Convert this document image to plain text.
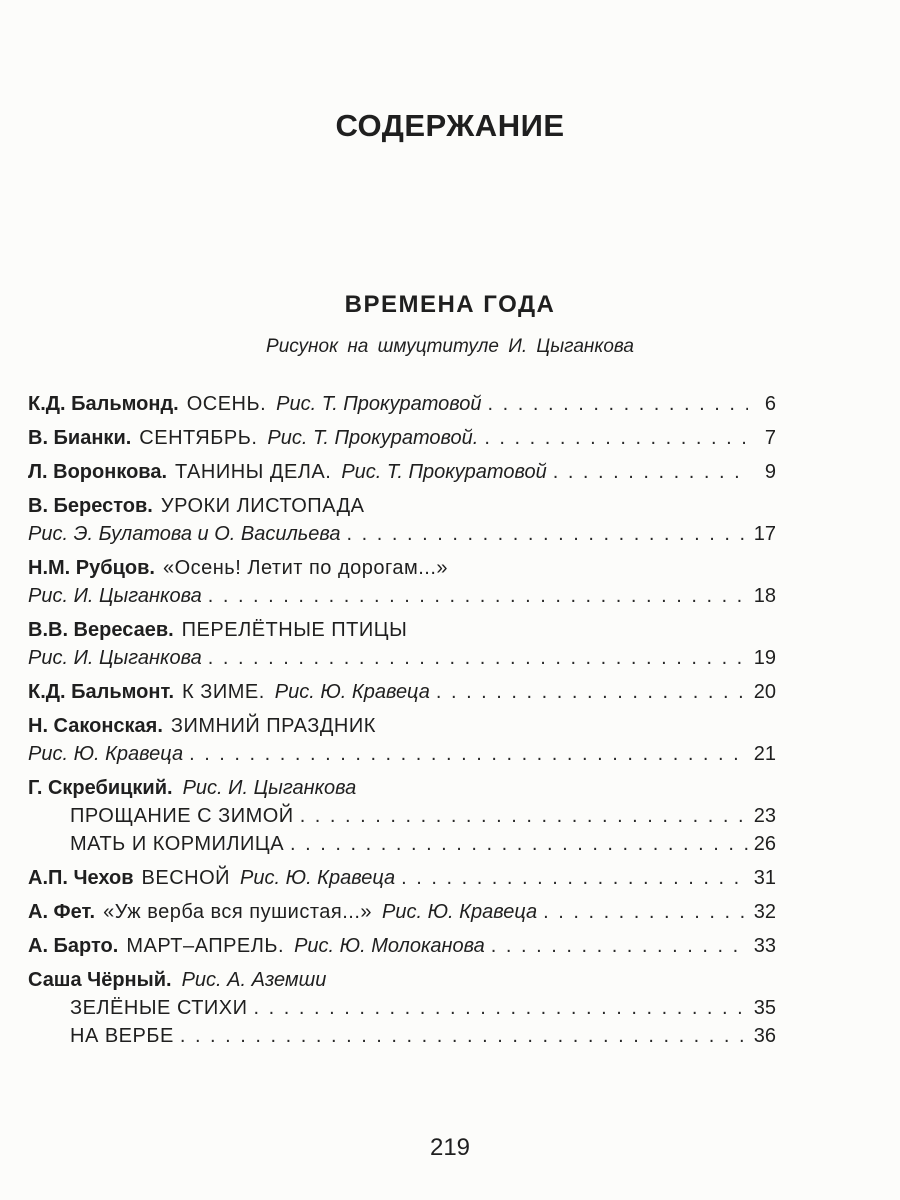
СОДЕРЖАНИЕ
ВРЕМЕНА ГОДА
Рисунок на шмуцтитуле И. Цыганкова
К.Д. Бальмонд. ОСЕНЬ. Рис. Т. Прокуратовой . . .	6
В. Бианки. СЕНТЯБРЬ. Рис. Т. Прокуратовой. . . .	7
Л. Воронкова. ТАНИНЫ ДЕЛА. Рис. Т. Прокуратовой . . .	9
В. Берестов. УРОКИ ЛИСТОПАДА
Рис. Э. Булатова и О. Васильева . . .	17
Н.М. Рубцов. «Осень! Летит по дорогам...»
Рис. И. Цыганкова . . .	18
В.В. Вересаев. ПЕРЕЛЁТНЫЕ ПТИЦЫ
Рис. И. Цыганкова . . .	19
К.Д. Бальмонт. К ЗИМЕ. Рис. Ю. Кравеца . . .	20
Н. Саконская. ЗИМНИЙ ПРАЗДНИК
Рис. Ю. Кравеца . . .	21
Г. Скребицкий. Рис. И. Цыганкова
ПРОЩАНИЕ С ЗИМОЙ . . .	23
МАТЬ И КОРМИЛИЦА . . .	26
А.П. Чехов ВЕСНОЙ Рис. Ю. Кравеца . . .	31
А. Фет. «Уж верба вся пушистая...» Рис. Ю. Кравеца . . .	32
А. Барто. МАРТ–АПРЕЛЬ. Рис. Ю. Молоканова . . .	33
Саша Чёрный. Рис. А. Аземши
ЗЕЛЁНЫЕ СТИХИ . . .	35
НА ВЕРБЕ . . .	36
219
